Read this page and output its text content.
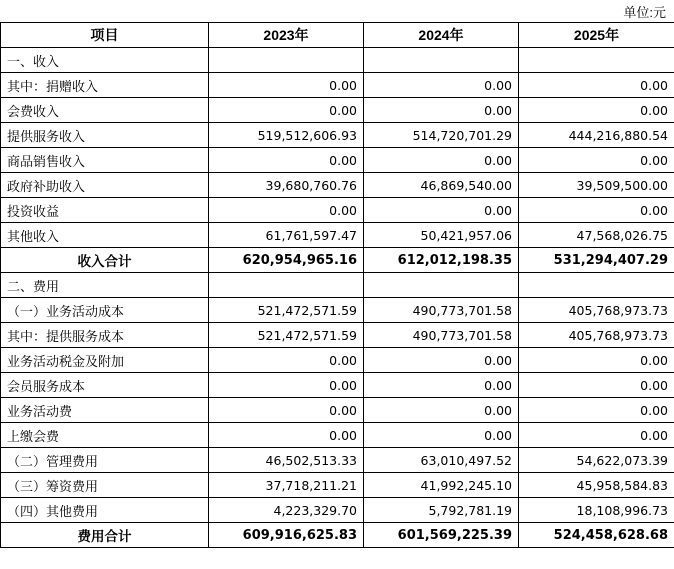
单位:元
项目	2023年	2024年	2025年
一、收入			
其中：捐赠收入	0.00	0.00	0.00
会费收入	0.00	0.00	0.00
提供服务收入	519,512,606.93	514,720,701.29	444,216,880.54
商品销售收入	0.00	0.00	0.00
政府补助收入	39,680,760.76	46,869,540.00	39,509,500.00
投资收益	0.00	0.00	0.00
其他收入	61,761,597.47	50,421,957.06	47,568,026.75
收入合计	620,954,965.16	612,012,198.35	531,294,407.29
二、费用			
（一）业务活动成本	521,472,571.59	490,773,701.58	405,768,973.73
其中：提供服务成本	521,472,571.59	490,773,701.58	405,768,973.73
业务活动税金及附加	0.00	0.00	0.00
会员服务成本	0.00	0.00	0.00
业务活动费	0.00	0.00	0.00
上缴会费	0.00	0.00	0.00
（二）管理费用	46,502,513.33	63,010,497.52	54,622,073.39
（三）筹资费用	37,718,211.21	41,992,245.10	45,958,584.83
（四）其他费用	4,223,329.70	5,792,781.19	18,108,996.73
费用合计	609,916,625.83	601,569,225.39	524,458,628.68
